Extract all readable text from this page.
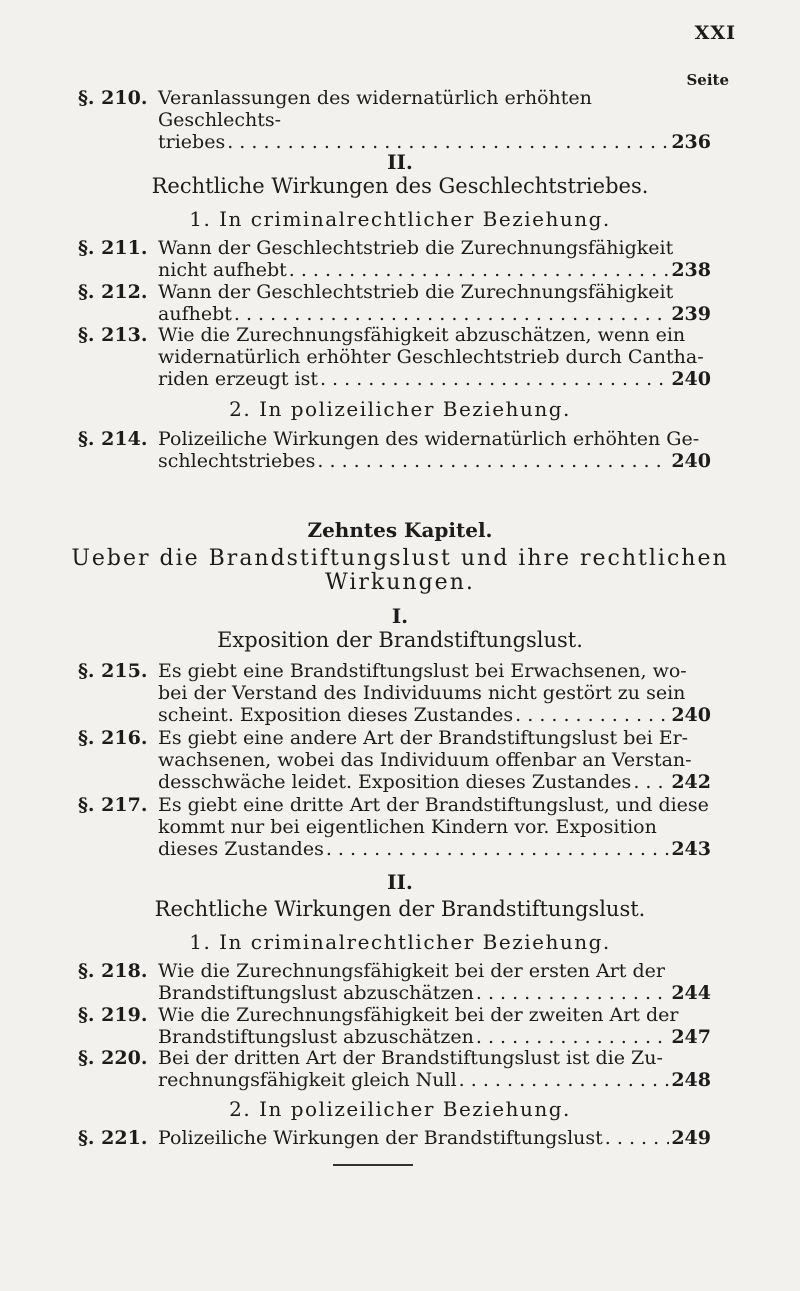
XXI
Seite
§. 210. Veranlassungen des widernatürlich erhöhten Geschlechts-
triebes . . .	236
II.
Rechtliche Wirkungen des Geschlechtstriebes.
1. In criminalrechtlicher Beziehung.
§. 211. Wann der Geschlechtstrieb die Zurechnungsfähigkeit
nicht aufhebt . . .	238
§. 212. Wann der Geschlechtstrieb die Zurechnungsfähigkeit
aufhebt . . .	239
§. 213. Wie die Zurechnungsfähigkeit abzuschätzen, wenn ein
widernatürlich erhöhter Geschlechtstrieb durch Cantha-
riden erzeugt ist . . .	240
2. In polizeilicher Beziehung.
§. 214. Polizeiliche Wirkungen des widernatürlich erhöhten Ge-
schlechtstriebes . . .	240
Zehntes Kapitel.
Ueber die Brandstiftungslust und ihre rechtlichen
Wirkungen.
I.
Exposition der Brandstiftungslust.
§. 215. Es giebt eine Brandstiftungslust bei Erwachsenen, wo-
bei der Verstand des Individuums nicht gestört zu sein
scheint. Exposition dieses Zustandes . . .	240
§. 216. Es giebt eine andere Art der Brandstiftungslust bei Er-
wachsenen, wobei das Individuum offenbar an Verstan-
desschwäche leidet. Exposition dieses Zustandes . . . 242
§. 217. Es giebt eine dritte Art der Brandstiftungslust, und diese
kommt nur bei eigentlichen Kindern vor. Exposition
dieses Zustandes . . .	243
II.
Rechtliche Wirkungen der Brandstiftungslust.
1. In criminalrechtlicher Beziehung.
§. 218. Wie die Zurechnungsfähigkeit bei der ersten Art der
Brandstiftungslust abzuschätzen . . .	244
§. 219. Wie die Zurechnungsfähigkeit bei der zweiten Art der
Brandstiftungslust abzuschätzen . . .	247
§. 220. Bei der dritten Art der Brandstiftungslust ist die Zu-
rechnungsfähigkeit gleich Null . . .	248
2. In polizeilicher Beziehung.
§. 221. Polizeiliche Wirkungen der Brandstiftungslust . . .	249
